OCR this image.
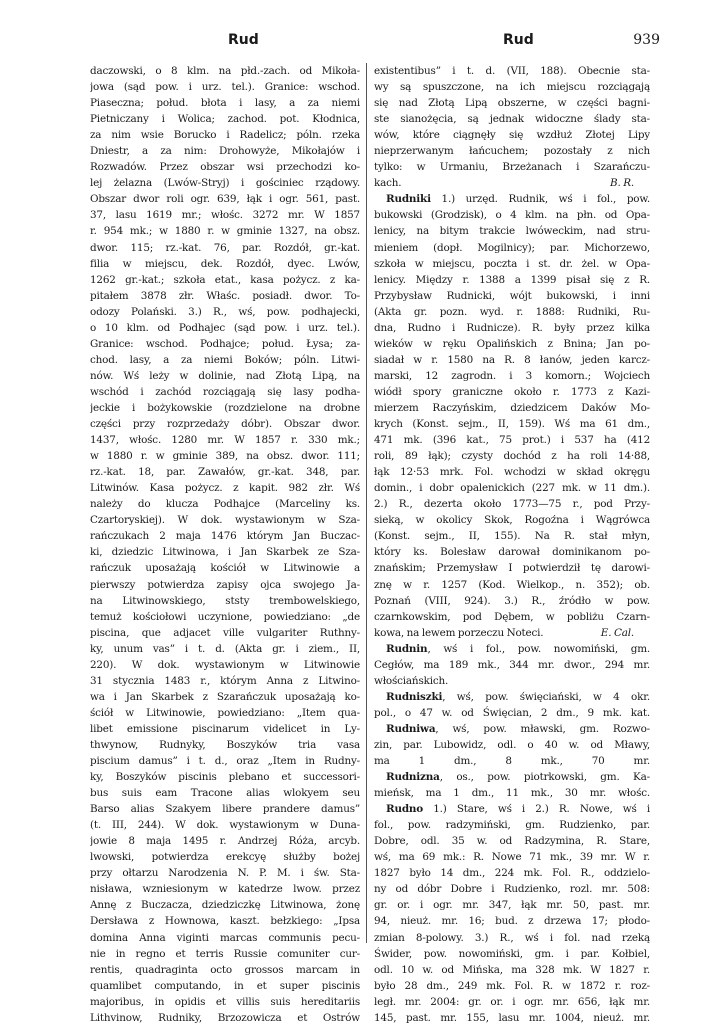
Rud	Rud	939
daczowski, o 8 klm. na płd.-zach. od Mikoła-
jowa (sąd pow. i urz. tel.). Granice: wschod.
Piaseczna; połud. błota i lasy, a za niemi
Pietniczany i Wolica; zachod. pot. Kłodnica,
za nim wsie Borucko i Radelicz; póln. rzeka
Dniestr, a za nim: Drohowyże, Mikołajów i
Rozwadów. Przez obszar wsi przechodzi ko-
lej żelazna (Lwów-Stryj) i gościniec rządowy.
Obszar dwor roli ogr. 639, łąk i ogr. 561, past.
37, lasu 1619 mr.; włośc. 3272 mr. W 1857
r. 954 mk.; w 1880 r. w gminie 1327, na obsz.
dwor. 115; rz.-kat. 76, par. Rozdół, gr.-kat.
filia w miejscu, dek. Rozdół, dyec. Lwów,
1262 gr.-kat.; szkoła etat., kasa pożycz. z ka-
pitałem 3878 złr. Właśc. posiadł. dwor. To-
odozy Polański. 3.) R., wś, pow. podhajecki,
o 10 klm. od Podhajec (sąd pow. i urz. tel.).
Granice: wschod. Podhajce; połud. Łysa; za-
chod. lasy, a za niemi Boków; póln. Litwi-
nów. Wś leży w dolinie, nad Złotą Lipą, na
wschód i zachód rozciągają się lasy podha-
jeckie i bożykowskie (rozdzielone na drobne
części przy rozprzedaży dóbr). Obszar dwor.
1437, włośc. 1280 mr. W 1857 r. 330 mk.;
w 1880 r. w gminie 389, na obsz. dwor. 111;
rz.-kat. 18, par. Zawałów, gr.-kat. 348, par.
Litwinów. Kasa pożycz. z kapit. 982 złr. Wś
należy do klucza Podhajce (Marceliny ks.
Czartoryskiej). W dok. wystawionym w Sza-
rańczukach 2 maja 1476 którym Jan Buczac-
ki, dziedzic Litwinowa, i Jan Skarbek ze Sza-
rańczuk uposażają kościół w Litwinowie a
pierwszy potwierdza zapisy ojca swojego Ja-
na Litwinowskiego, ststy trembowelskiego,
temuż kościołowi uczynione, powiedziano: „de
piscina, que adjacet ville vulgariter Ruthny-
ky, unum vas” i t. d. (Akta gr. i ziem., II,
220). W dok. wystawionym w Litwinowie
31 stycznia 1483 r., którym Anna z Litwino-
wa i Jan Skarbek z Szarańczuk uposażają ko-
ściół w Litwinowie, powiedziano: „Item qua-
libet emissione piscinarum videlicet in Ly-
thwynow, Rudnyky, Boszyków tria vasa
piscium damus” i t. d., oraz „Item in Rudny-
ky, Boszyków piscinis plebano et successori-
bus suis eam Tracone alias wlokyem seu
Barso alias Szakyem libere prandere damus”
(t. III, 244). W dok. wystawionym w Duna-
jowie 8 maja 1495 r. Andrzej Róża, arcyb.
lwowski, potwierdza erekcyę służby bożej
przy ołtarzu Narodzenia N. P. M. i św. Sta-
nisława, wzniesionym w katedrze lwow. przez
Annę z Buczacza, dziedziczkę Litwinowa, żonę
Dersława z Hownowa, kaszt. bełzkiego: „Ipsa
domina Anna viginti marcas communis pecu-
nie in regno et terris Russie comuniter cur-
rentis, quadraginta octo grossos marcam in
quamlibet computando, in et super piscinis
majoribus, in opidis et villis suis hereditariis
Lithvinow, Rudniky, Brzozowicza et Ostrów
existentibus” i t. d. (VII, 188). Obecnie sta-
wy są spuszczone, na ich miejscu rozciągają
się nad Złotą Lipą obszerne, w części bagni-
ste sianożęcia, są jednak widoczne ślady sta-
wów, które ciągnęły się wzdłuż Złotej Lipy
nieprzerwanym łańcuchem; pozostały z nich
tylko: w Urmaniu, Brzeżanach i Szarańczu-
kach.	B. R.
Rudniki 1.) urzęd. Rudnik, wś i fol., pow.
bukowski (Grodzisk), o 4 klm. na płn. od Opa-
lenicy, na bitym trakcie lwóweckim, nad stru-
mieniem (dopł. Mogilnicy); par. Michorzewo,
szkoła w miejscu, poczta i st. dr. żel. w Opa-
lenicy. Między r. 1388 a 1399 pisał się z R.
Przybysław Rudnicki, wójt bukowski, i inni
(Akta gr. pozn. wyd. r. 1888: Rudniki, Ru-
dna, Rudno i Rudnicze). R. były przez kilka
wieków w ręku Opalińskich z Bnina; Jan po-
siadał w r. 1580 na R. 8 łanów, jeden karcz-
marski, 12 zagrodn. i 3 komorn.; Wojciech
wiódł spory graniczne około r. 1773 z Kazi-
mierzem Raczyńskim, dziedzicem Daków Mo-
krych (Konst. sejm., II, 159). Wś ma 61 dm.,
471 mk. (396 kat., 75 prot.) i 537 ha (412
roli, 89 łąk); czysty dochód z ha roli 14·88,
łąk 12·53 mrk. Fol. wchodzi w skład okręgu
domin., i dobr opalenickich (227 mk. w 11 dm.).
2.) R., dezerta około 1773—75 r., pod Przy-
sieką, w okolicy Skok, Rogoźna i Wągrówca
(Konst. sejm., II, 155). Na R. stał młyn,
który ks. Bolesław darował dominikanom po-
znańskim; Przemysław I potwierdził tę darowi-
znę w r. 1257 (Kod. Wielkop., n. 352); ob.
Poznań (VIII, 924). 3.) R., źródło w pow.
czarnkowskim, pod Dębem, w pobliżu Czarn-
kowa, na lewem porzeczu Noteci.	E. Cal.
Rudnin, wś i fol., pow. nowomiński, gm.
Cegłów, ma 189 mk., 344 mr. dwor., 294 mr.
włościańskich.
Rudniszki, wś, pow. święciański, w 4 okr.
pol., o 47 w. od Święcian, 2 dm., 9 mk. kat.
Rudniwa, wś, pow. mławski, gm. Rozwo-
zin, par. Lubowidz, odl. o 40 w. od Mławy,
ma 1 dm., 8 mk., 70 mr.
Rudnizna, os., pow. piotrkowski, gm. Ka-
mieńsk, ma 1 dm., 11 mk., 30 mr. włośc.
Rudno 1.) Stare, wś i 2.) R. Nowe, wś i
fol., pow. radzymiński, gm. Rudzienko, par.
Dobre, odl. 35 w. od Radzymina, R. Stare,
wś, ma 69 mk.: R. Nowe 71 mk., 39 mr. W r.
1827 było 14 dm., 224 mk. Fol. R., oddzielo-
ny od dóbr Dobre i Rudzienko, rozl. mr. 508:
gr. or. i ogr. mr. 347, łąk mr. 50, past. mr.
94, nieuż. mr. 16; bud. z drzewa 17; płodo-
zmian 8-polowy. 3.) R., wś i fol. nad rzeką
Świder, pow. nowomiński, gm. i par. Kołbiel,
odl. 10 w. od Mińska, ma 328 mk. W 1827 r.
było 28 dm., 249 mk. Fol. R. w 1872 r. roz-
legł. mr. 2004: gr. or. i ogr. mr. 656, łąk mr.
145, past. mr. 155, lasu mr. 1004, nieuż. mr.
